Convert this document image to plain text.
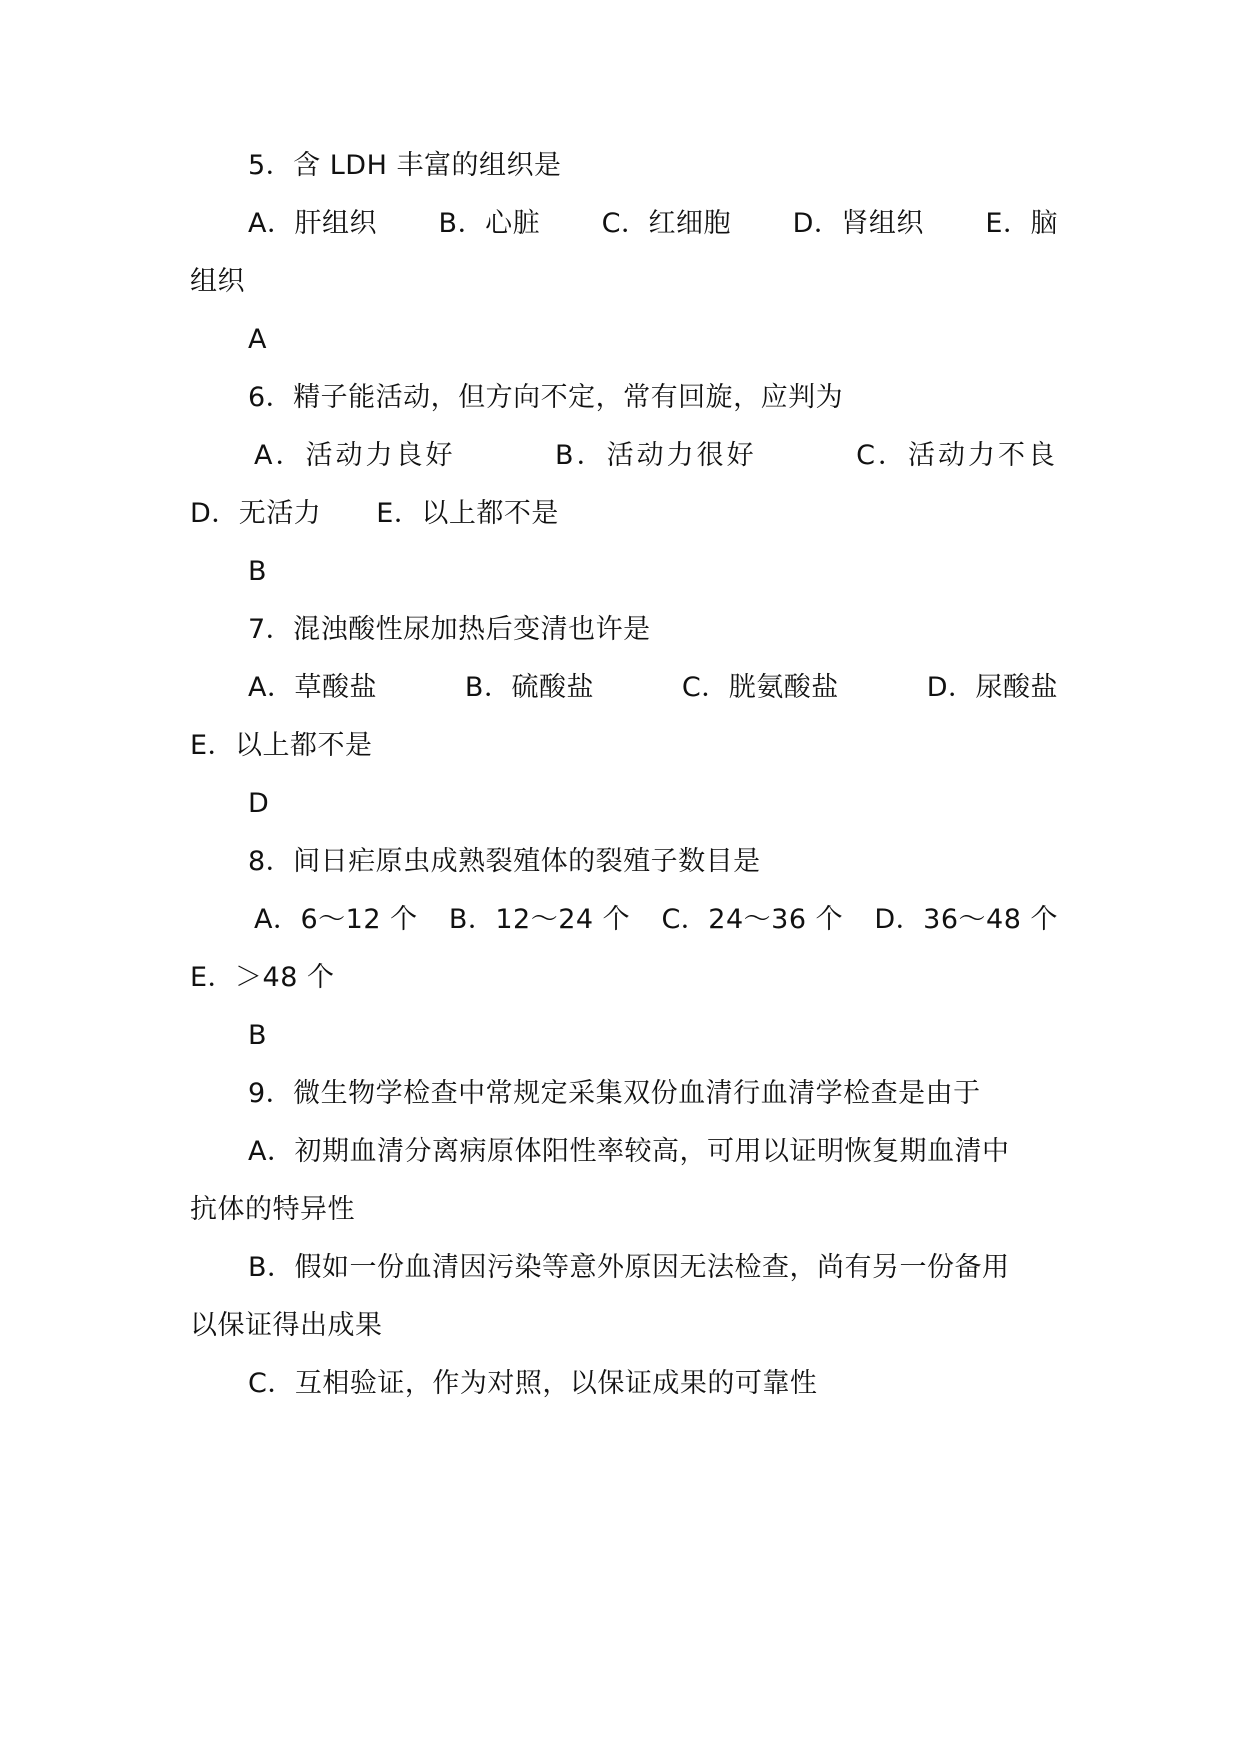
5．含 LDH 丰富的组织是
A．肝组织 B．心脏 C．红细胞 D．肾组织 E．脑
组织
A
6．精子能活动，但方向不定，常有回旋，应判为
A．活动力良好	B．活动力很好	C．活动力不良
D．无活力　　E．以上都不是
B
7．混浊酸性尿加热后变清也许是
A．草酸盐	B．硫酸盐	C．胱氨酸盐	D．尿酸盐
E．以上都不是
D
8．间日疟原虫成熟裂殖体的裂殖子数目是
A．6～12 个 B．12～24 个 C．24～36 个 D．36～48 个
E．＞48 个
B
9．微生物学检查中常规定采集双份血清行血清学检查是由于
A．初期血清分离病原体阳性率较高，可用以证明恢复期血清中
抗体的特异性
B．假如一份血清因污染等意外原因无法检查，尚有另一份备用
以保证得出成果
C．互相验证，作为对照，以保证成果的可靠性
